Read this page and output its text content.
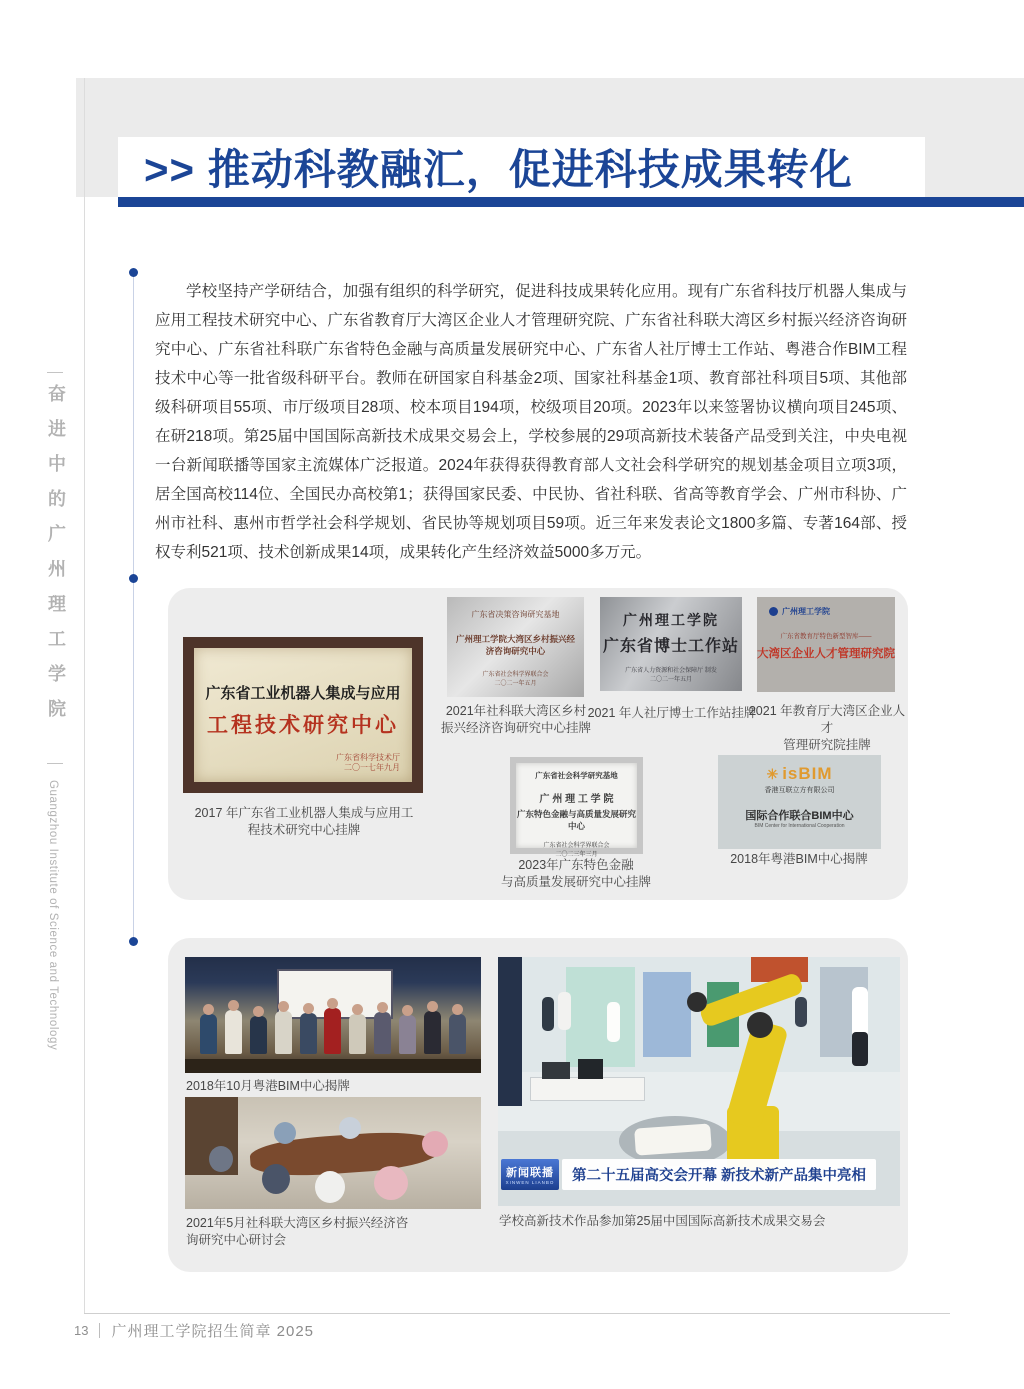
>> 推动科教融汇，促进科技成果转化
奋进中的广州理工学院
Guangzhou Institute of Science and Technology
学校坚持产学研结合，加强有组织的科学研究，促进科技成果转化应用。现有广东省科技厅机器人集成与应用工程技术研究中心、广东省教育厅大湾区企业人才管理研究院、广东省社科联大湾区乡村振兴经济咨询研究中心、广东省社科联广东省特色金融与高质量发展研究中心、广东省人社厅博士工作站、粤港合作BIM工程技术中心等一批省级科研平台。教师在研国家自科基金2项、国家社科基金1项、教育部社科项目5项、其他部级科研项目55项、市厅级项目28项、校本项目194项，校级项目20项。2023年以来签署协议横向项目245项、在研218项。第25届中国国际高新技术成果交易会上，学校参展的29项高新技术装备产品受到关注，中央电视一台新闻联播等国家主流媒体广泛报道。2024年获得获得教育部人文社会科学研究的规划基金项目立项3项，居全国高校114位、全国民办高校第1；获得国家民委、中民协、省社科联、省高等教育学会、广州市科协、广州市社科、惠州市哲学社会科学规划、省民协等规划项目59项。近三年来发表论文1800多篇、专著164部、授权专利521项、技术创新成果14项，成果转化产生经济效益5000多万元。
广东省工业机器人集成与应用
工程技术研究中心
广东省科学技术厅
二〇一七年九月
2017 年广东省工业机器人集成与应用工
程技术研究中心挂牌
广东省决策咨询研究基地
广州理工学院大湾区乡村振兴经济咨询研究中心
广东省社会科学界联合会
二〇二一年五月
2021年社科联大湾区乡村
振兴经济咨询研究中心挂牌
广州理工学院
广东省博士工作站
广东省人力资源和社会保障厅 制发
二〇二一年五月
2021 年人社厅博士工作站挂牌
广州理工学院
广东省教育厅特色新型智库——
大湾区企业人才管理研究院
2021 年教育厅大湾区企业人才
管理研究院挂牌
广东省社会科学研究基地
广 州 理 工 学 院
广东特色金融与高质量发展研究中心
广东省社会科学界联合会
二〇二三年三月
2023年广东特色金融
与高质量发展研究中心挂牌
✳ isBIM
香港互联立方有限公司
国际合作联合BIM中心
BIM Center for International Cooperation
2018年粤港BIM中心揭牌
2018年10月粤港BIM中心揭牌
2021年5月社科联大湾区乡村振兴经济咨
询研究中心研讨会
新闻联播
XINWEN LIANBO	第二十五届高交会开幕 新技术新产品集中亮相
学校高新技术作品参加第25届中国国际高新技术成果交易会
13 广州理工学院招生简章 2025
